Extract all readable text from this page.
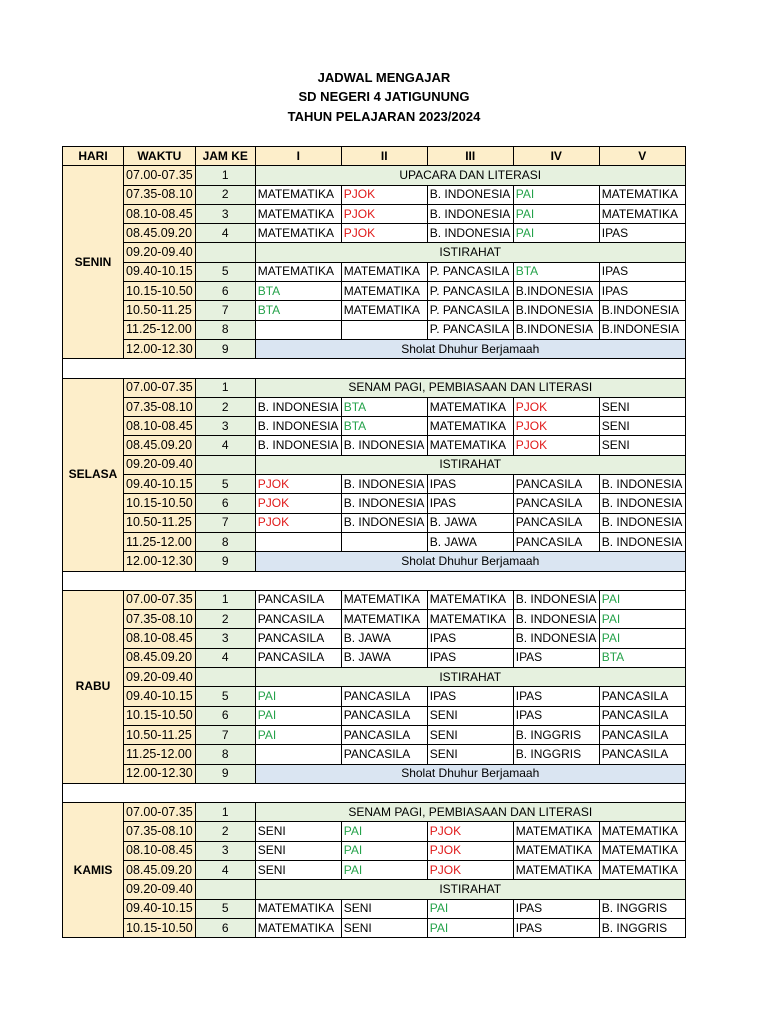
JADWAL MENGAJAR
SD NEGERI 4 JATIGUNUNG
TAHUN PELAJARAN 2023/2024
HARI	WAKTU	JAM KE	I	II	III	IV	V
SENIN	07.00-07.35	1	UPACARA DAN LITERASI				
	07.35-08.10	2	MATEMATIKA	PJOK	B. INDONESIA	PAI	MATEMATIKA
	08.10-08.45	3	MATEMATIKA	PJOK	B. INDONESIA	PAI	MATEMATIKA
	08.45.09.20	4	MATEMATIKA	PJOK	B. INDONESIA	PAI	IPAS
	09.20-09.40		ISTIRAHAT				
	09.40-10.15	5	MATEMATIKA	MATEMATIKA	P. PANCASILA	BTA	IPAS
	10.15-10.50	6	BTA	MATEMATIKA	P. PANCASILA	B.INDONESIA	IPAS
	10.50-11.25	7	BTA	MATEMATIKA	P. PANCASILA	B.INDONESIA	B.INDONESIA
	11.25-12.00	8			P. PANCASILA	B.INDONESIA	B.INDONESIA
	12.00-12.30	9	Sholat Dhuhur Berjamaah				

SELASA	07.00-07.35	1	SENAM PAGI, PEMBIASAAN DAN LITERASI				
	07.35-08.10	2	B. INDONESIA	BTA	MATEMATIKA	PJOK	SENI
	08.10-08.45	3	B. INDONESIA	BTA	MATEMATIKA	PJOK	SENI
	08.45.09.20	4	B. INDONESIA	B. INDONESIA	MATEMATIKA	PJOK	SENI
	09.20-09.40		ISTIRAHAT				
	09.40-10.15	5	PJOK	B. INDONESIA	IPAS	PANCASILA	B. INDONESIA
	10.15-10.50	6	PJOK	B. INDONESIA	IPAS	PANCASILA	B. INDONESIA
	10.50-11.25	7	PJOK	B. INDONESIA	B. JAWA	PANCASILA	B. INDONESIA
	11.25-12.00	8			B. JAWA	PANCASILA	B. INDONESIA
	12.00-12.30	9	Sholat Dhuhur Berjamaah				

RABU	07.00-07.35	1	PANCASILA	MATEMATIKA	MATEMATIKA	B. INDONESIA	PAI
	07.35-08.10	2	PANCASILA	MATEMATIKA	MATEMATIKA	B. INDONESIA	PAI
	08.10-08.45	3	PANCASILA	B. JAWA	IPAS	B. INDONESIA	PAI
	08.45.09.20	4	PANCASILA	B. JAWA	IPAS	IPAS	BTA
	09.20-09.40		ISTIRAHAT				
	09.40-10.15	5	PAI	PANCASILA	IPAS	IPAS	PANCASILA
	10.15-10.50	6	PAI	PANCASILA	SENI	IPAS	PANCASILA
	10.50-11.25	7	PAI	PANCASILA	SENI	B. INGGRIS	PANCASILA
	11.25-12.00	8		PANCASILA	SENI	B. INGGRIS	PANCASILA
	12.00-12.30	9	Sholat Dhuhur Berjamaah				

KAMIS	07.00-07.35	1	SENAM PAGI, PEMBIASAAN DAN LITERASI				
	07.35-08.10	2	SENI	PAI	PJOK	MATEMATIKA	MATEMATIKA
	08.10-08.45	3	SENI	PAI	PJOK	MATEMATIKA	MATEMATIKA
	08.45.09.20	4	SENI	PAI	PJOK	MATEMATIKA	MATEMATIKA
	09.20-09.40		ISTIRAHAT				
	09.40-10.15	5	MATEMATIKA	SENI	PAI	IPAS	B. INGGRIS
	10.15-10.50	6	MATEMATIKA	SENI	PAI	IPAS	B. INGGRIS
